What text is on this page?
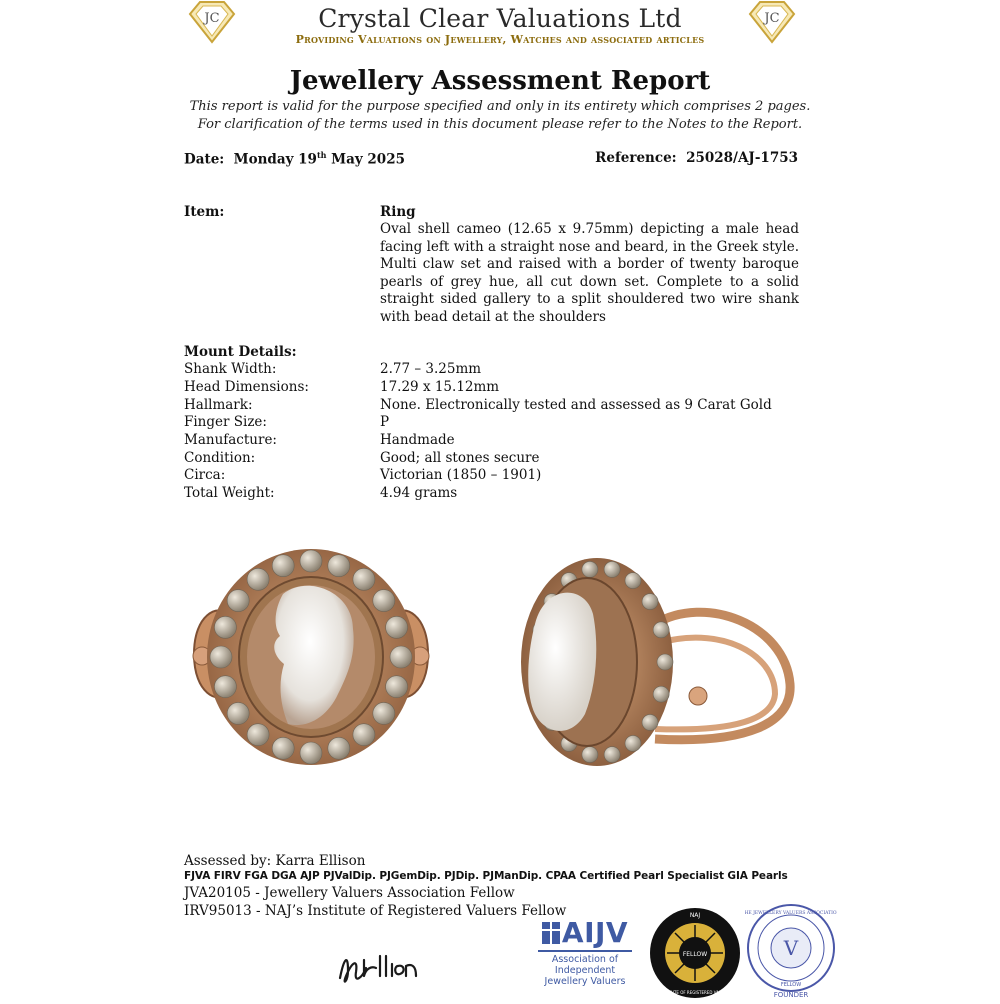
JC	JC
Crystal Clear Valuations Ltd
Providing Valuations on Jewellery, Watches and associated articles
Jewellery Assessment Report
This report is valid for the purpose specified and only in its entirety which comprises 2 pages. For clarification of the terms used in this document please refer to the Notes to the Report.
Date: Monday 19th May 2025	Reference: 25028/AJ-1753
Item:	Ring
Oval shell cameo (12.65 x 9.75mm) depicting a male head facing left with a straight nose and beard, in the Greek style. Multi claw set and raised with a border of twenty baroque pearls of grey hue, all cut down set. Complete to a solid straight sided gallery to a split shouldered two wire shank with bead detail at the shoulders
Mount Details:
Shank Width:	2.77 – 3.25mm
Head Dimensions:	17.29 x 15.12mm
Hallmark:	None. Electronically tested and assessed as 9 Carat Gold
Finger Size:	P
Manufacture:	Handmade
Condition:	Good; all stones secure
Circa:	Victorian (1850 – 1901)
Total Weight:	4.94 grams
Assessed by: Karra Ellison
FJVA FIRV FGA DGA AJP PJValDip. PJGemDip. PJDip. PJManDip. CPAA Certified Pearl Specialist GIA Pearls
JVA20105 - Jewellery Valuers Association Fellow
IRV95013 - NAJ’s Institute of Registered Valuers Fellow
AIJV
Association of
Independent
Jewellery Valuers
FELLOW
NAJ
INSTITUTE OF REGISTERED VALUERS
V
THE JEWELLERY VALUERS ASSOCIATION
FELLOW
FOUNDER
